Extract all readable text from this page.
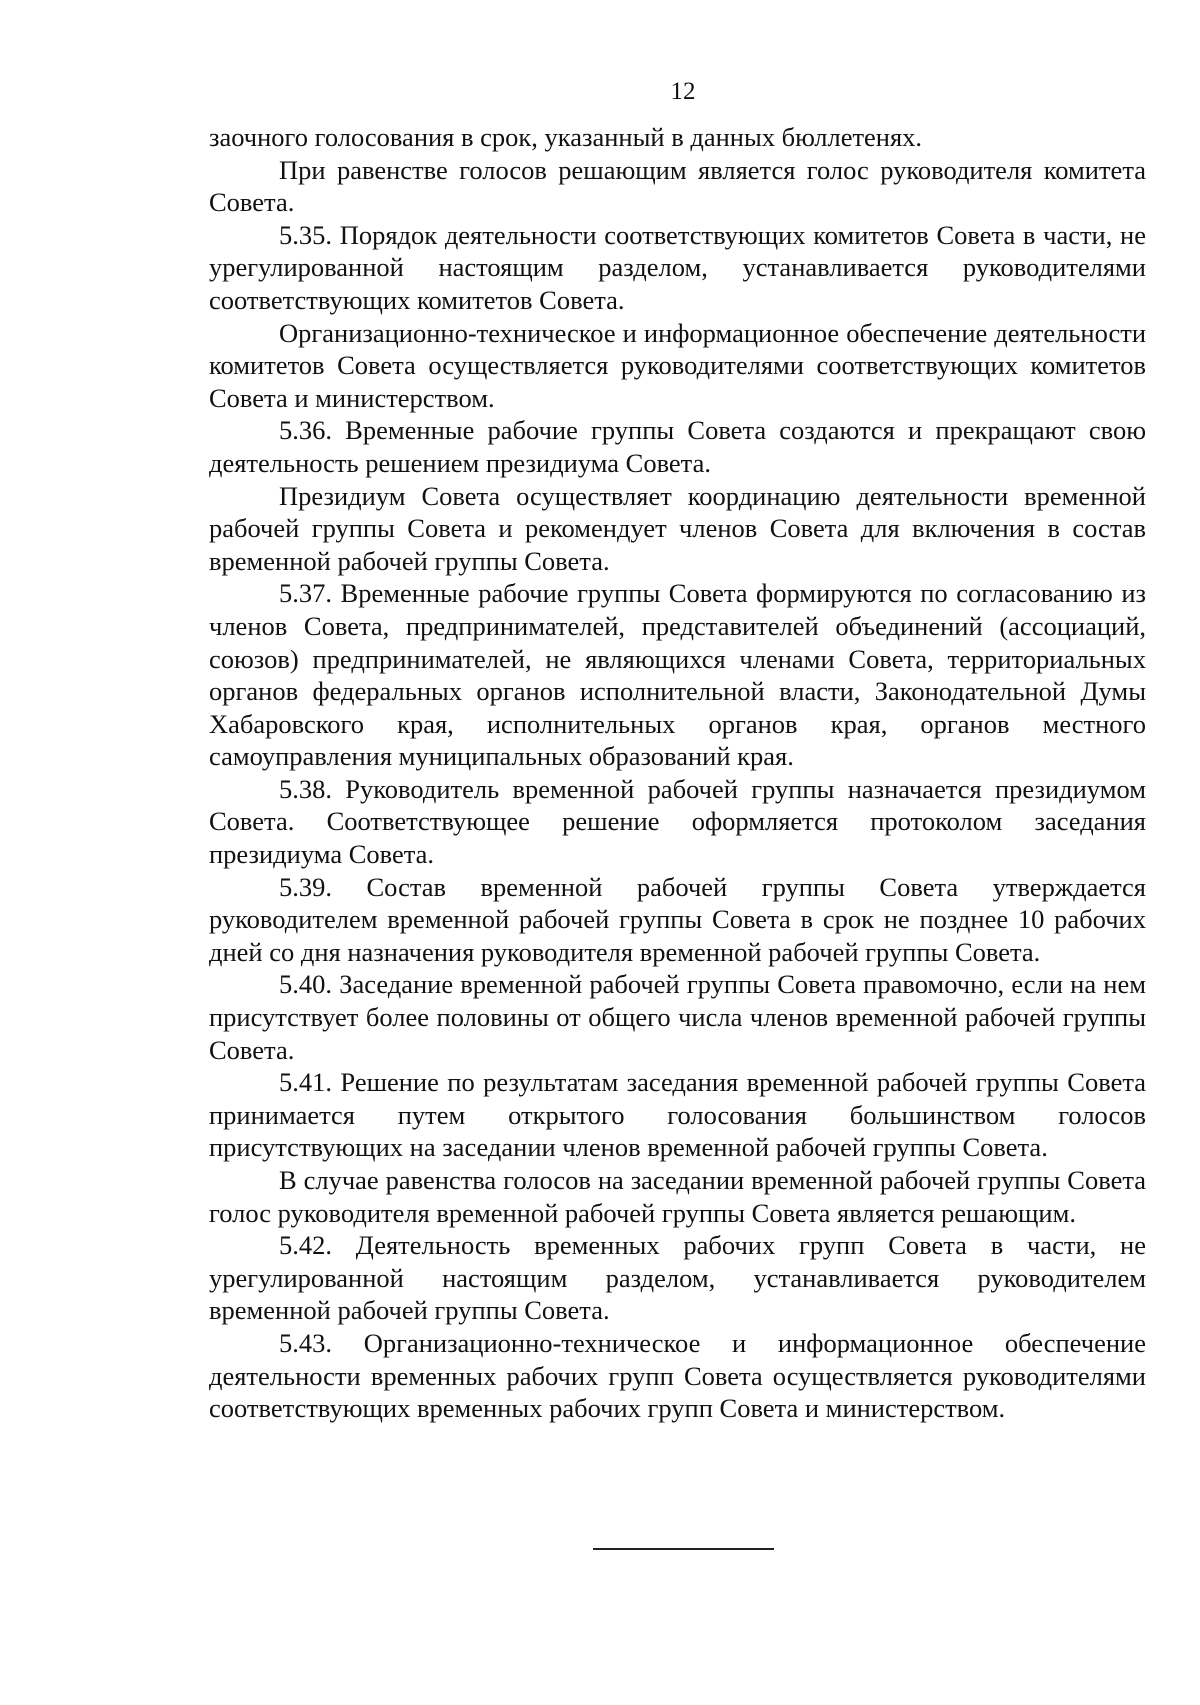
12

заочного голосования в срок, указанный в данных бюллетенях.

При равенстве голосов решающим является голос руководителя комитета Совета.

5.35. Порядок деятельности соответствующих комитетов Совета в части, не урегулированной настоящим разделом, устанавливается руководителями соответствующих комитетов Совета.

Организационно-техническое и информационное обеспечение деятельности комитетов Совета осуществляется руководителями соответствующих комитетов Совета и министерством.

5.36. Временные рабочие группы Совета создаются и прекращают свою деятельность решением президиума Совета.

Президиум Совета осуществляет координацию деятельности временной рабочей группы Совета и рекомендует членов Совета для включения в состав временной рабочей группы Совета.

5.37. Временные рабочие группы Совета формируются по согласованию из членов Совета, предпринимателей, представителей объединений (ассоциаций, союзов) предпринимателей, не являющихся членами Совета, территориальных органов федеральных органов исполнительной власти, Законодательной Думы Хабаровского края, исполнительных органов края, органов местного самоуправления муниципальных образований края.

5.38. Руководитель временной рабочей группы назначается президиумом Совета. Соответствующее решение оформляется протоколом заседания президиума Совета.

5.39. Состав временной рабочей группы Совета утверждается руководителем временной рабочей группы Совета в срок не позднее 10 рабочих дней со дня назначения руководителя временной рабочей группы Совета.

5.40. Заседание временной рабочей группы Совета правомочно, если на нем присутствует более половины от общего числа членов временной рабочей группы Совета.

5.41. Решение по результатам заседания временной рабочей группы Совета принимается путем открытого голосования большинством голосов присутствующих на заседании членов временной рабочей группы Совета.

В случае равенства голосов на заседании временной рабочей группы Совета голос руководителя временной рабочей группы Совета является решающим.

5.42. Деятельность временных рабочих групп Совета в части, не урегулированной настоящим разделом, устанавливается руководителем временной рабочей группы Совета.

5.43. Организационно-техническое и информационное обеспечение деятельности временных рабочих групп Совета осуществляется руководителями соответствующих временных рабочих групп Совета и министерством.
